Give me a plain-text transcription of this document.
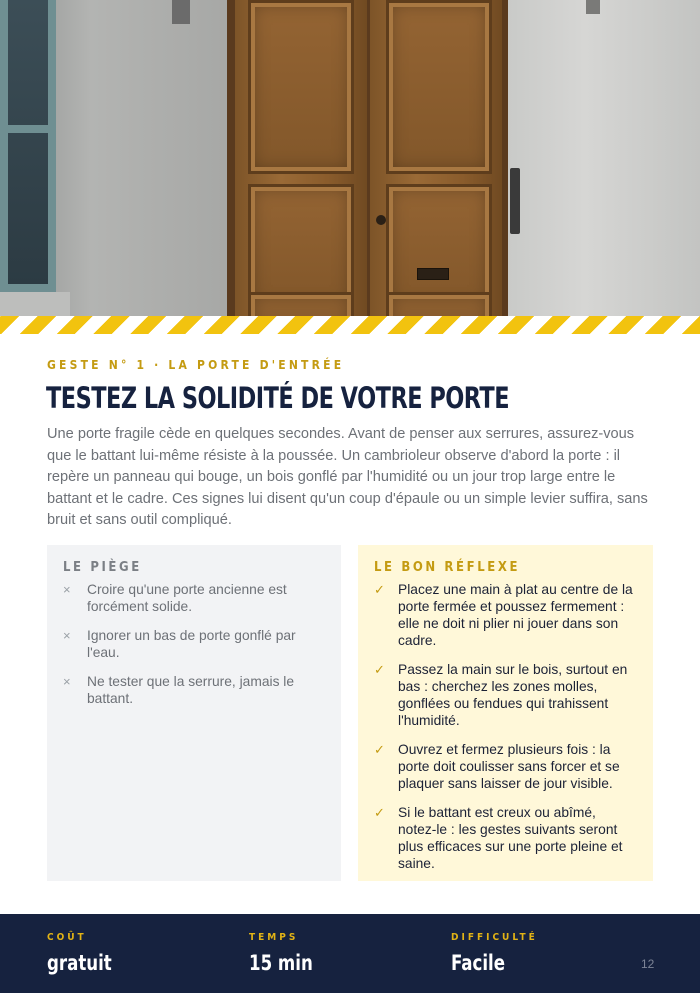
GESTE N° 1 · LA PORTE D'ENTRÉE

TESTEZ LA SOLIDITÉ DE VOTRE PORTE

Une porte fragile cède en quelques secondes. Avant de penser aux serrures, assurez-vous que le battant lui-même résiste à la poussée. Un cambrioleur observe d'abord la porte : il repère un panneau qui bouge, un bois gonflé par l'humidité ou un jour trop large entre le battant et le cadre. Ces signes lui disent qu'un coup d'épaule ou un simple levier suffira, sans bruit et sans outil compliqué.

LE PIÈGE
×	Croire qu'une porte ancienne est forcément solide.
×	Ignorer un bas de porte gonflé par l'eau.
×	Ne tester que la serrure, jamais le battant.
LE BON RÉFLEXE
✓ Placez une main à plat au centre de la porte fermée et poussez fermement : elle ne doit ni plier ni jouer dans son cadre.
✓ Passez la main sur le bois, surtout en bas : cherchez les zones molles, gonflées ou fendues qui trahissent l'humidité.
✓ Ouvrez et fermez plusieurs fois : la porte doit coulisser sans forcer et se plaquer sans laisser de jour visible.
✓ Si le battant est creux ou abîmé, notez-le : les gestes suivants seront plus efficaces sur une porte pleine et saine.

COÛT

gratuit

TEMPS

15 min

DIFFICULTÉ

Facile	12
